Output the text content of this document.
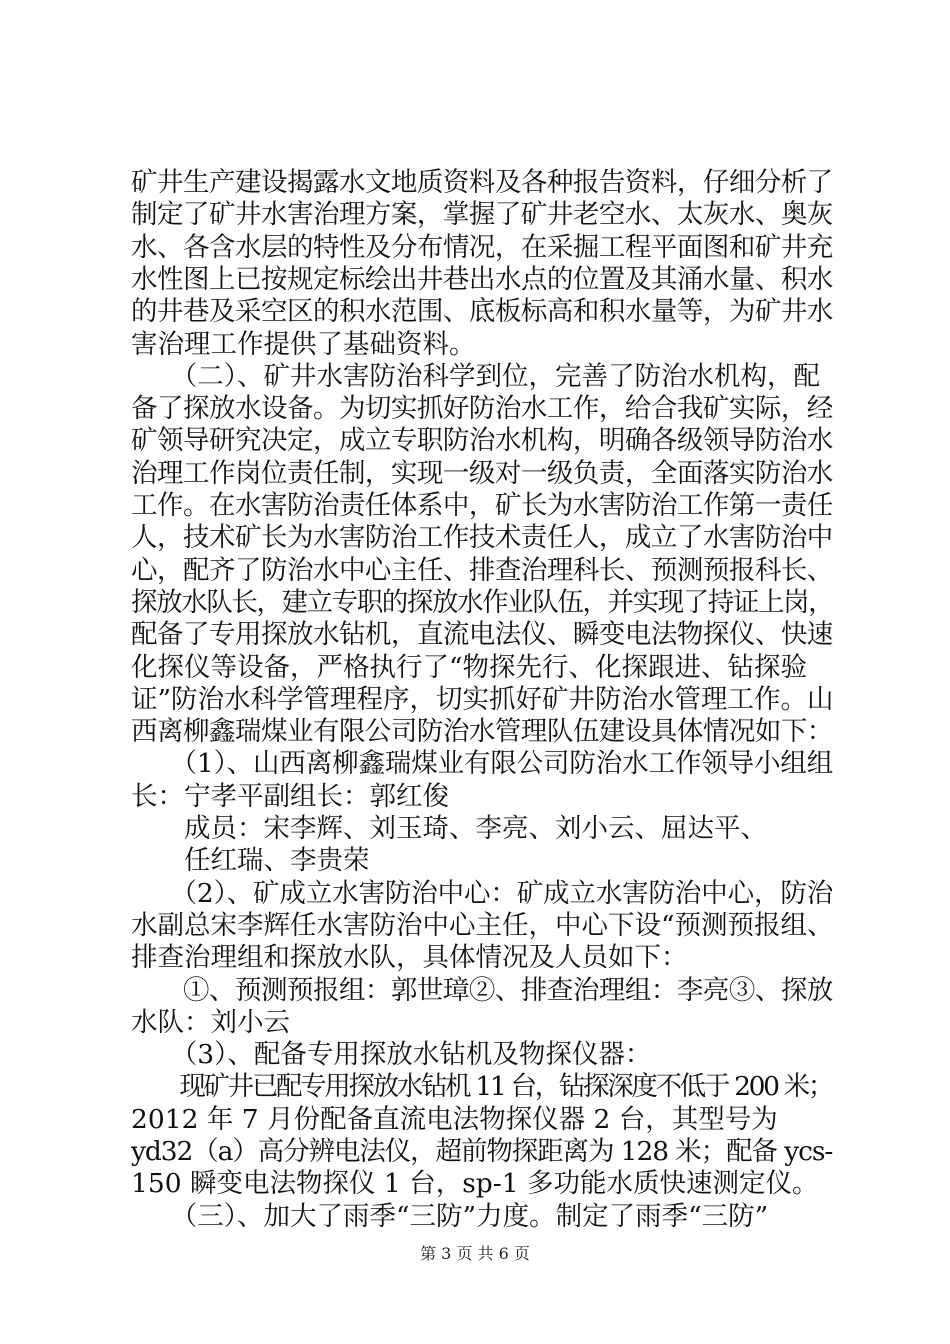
矿井生产建设揭露水文地质资料及各种报告资料，仔细分析了
制定了矿井水害治理方案，掌握了矿井老空水、太灰水、奥灰
水、各含水层的特性及分布情况，在采掘工程平面图和矿井充
水性图上已按规定标绘出井巷出水点的位置及其涌水量、积水
的井巷及采空区的积水范围、底板标高和积水量等，为矿井水
害治理工作提供了基础资料。
　　（二）、矿井水害防治科学到位，完善了防治水机构，配
备了探放水设备。为切实抓好防治水工作，给合我矿实际，经
矿领导研究决定，成立专职防治水机构，明确各级领导防治水
治理工作岗位责任制，实现一级对一级负责，全面落实防治水
工作。在水害防治责任体系中，矿长为水害防治工作第一责任
人，技术矿长为水害防治工作技术责任人，成立了水害防治中
心，配齐了防治水中心主任、排查治理科长、预测预报科长、
探放水队长，建立专职的探放水作业队伍，并实现了持证上岗，
配备了专用探放水钻机，直流电法仪、瞬变电法物探仪、快速
化探仪等设备，严格执行了“物探先行、化探跟进、钻探验
证”防治水科学管理程序，切实抓好矿井防治水管理工作。山
西离柳鑫瑞煤业有限公司防治水管理队伍建设具体情况如下：
　　（1）、山西离柳鑫瑞煤业有限公司防治水工作领导小组组
长：宁孝平副组长：郭红俊
　　成员：宋李辉、刘玉琦、李亮、刘小云、屈达平、
　　任红瑞、李贵荣
　　（2）、矿成立水害防治中心：矿成立水害防治中心，防治
水副总宋李辉任水害防治中心主任，中心下设“预测预报组、
排查治理组和探放水队，具体情况及人员如下：
　　①、预测预报组：郭世璋②、排查治理组：李亮③、探放
水队：刘小云
　　（3）、配备专用探放水钻机及物探仪器：
　　现矿井已配专用探放水钻机 11 台，钻探深度不低于 200 米；
2012 年 7 月份配备直流电法物探仪器 2 台，其型号为
yd32（a）高分辨电法仪，超前物探距离为 128 米；配备 ycs-
150 瞬变电法物探仪 1 台，sp-1 多功能水质快速测定仪。
　　（三）、加大了雨季“三防”力度。制定了雨季“三防”
第 3 页 共 6 页
